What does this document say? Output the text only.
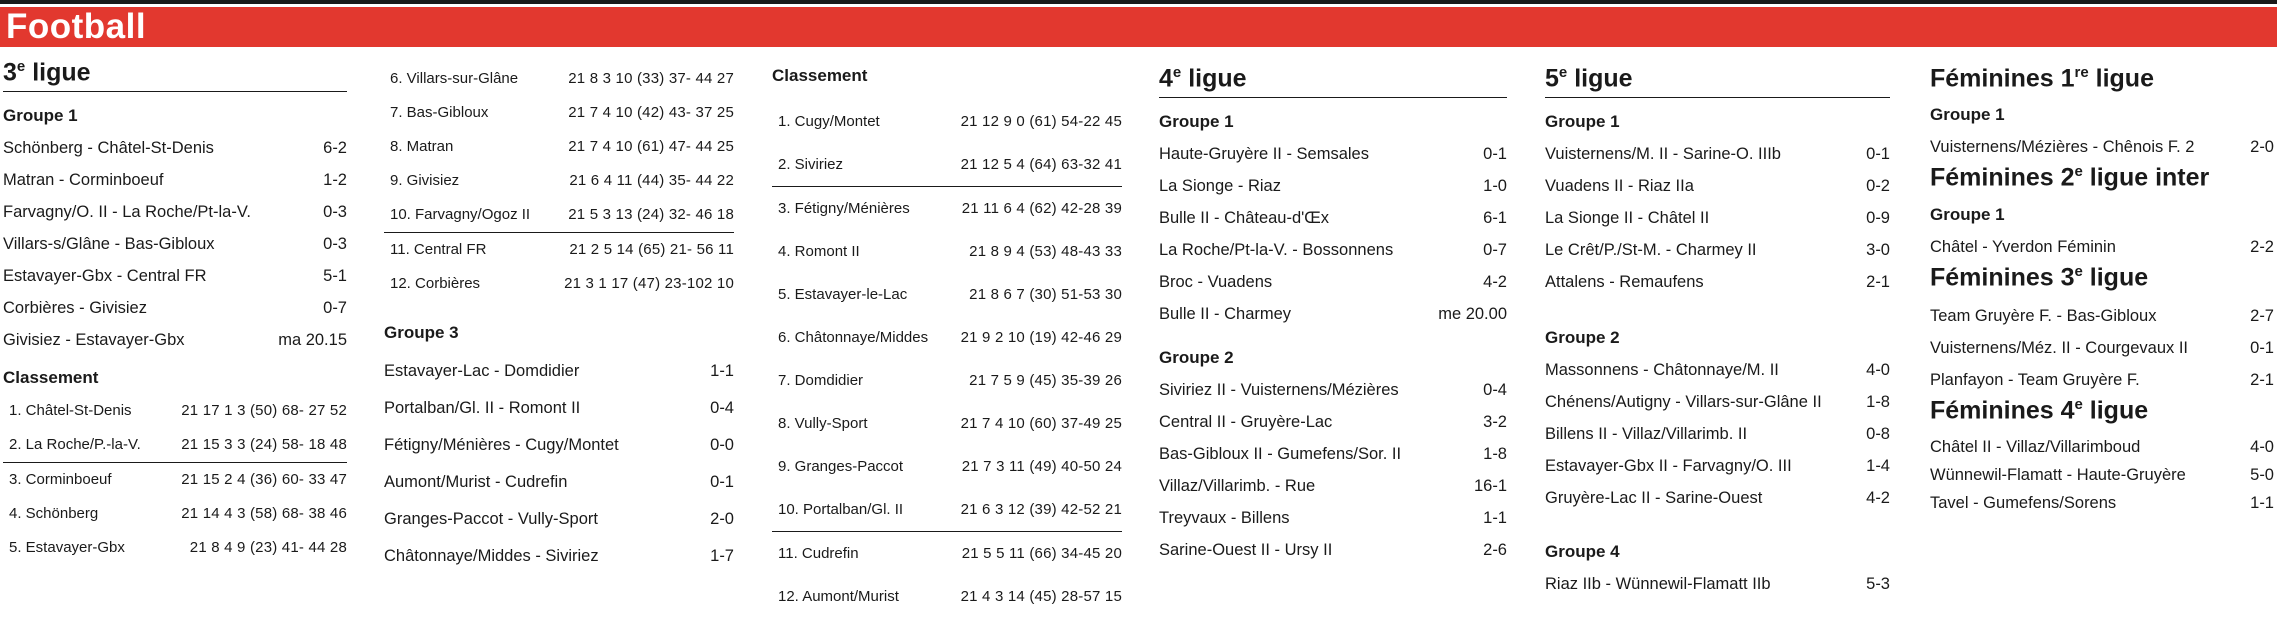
Football
3e ligue
Groupe 1
Schönberg - Châtel-St-Denis	6-2
Matran - Corminboeuf	1-2
Farvagny/O. II - La Roche/Pt-la-V.	0-3
Villars-s/Glâne - Bas-Gibloux	0-3
Estavayer-Gbx - Central FR	5-1
Corbières - Givisiez	0-7
Givisiez - Estavayer-Gbx	ma 20.15
Classement
1. Châtel-St-Denis	21 17 1 3 (50) 68- 27 52
2. La Roche/P.-la-V.	21 15 3 3 (24) 58- 18 48
3. Corminboeuf	21 15 2 4 (36) 60- 33 47
4. Schönberg	21 14 4 3 (58) 68- 38 46
5. Estavayer-Gbx	21 8 4 9 (23) 41- 44 28
6. Villars-sur-Glâne	21 8 3 10 (33) 37- 44 27
7. Bas-Gibloux	21 7 4 10 (42) 43- 37 25
8. Matran	21 7 4 10 (61) 47- 44 25
9. Givisiez	21 6 4 11 (44) 35- 44 22
10. Farvagny/Ogoz II	21 5 3 13 (24) 32- 46 18
11. Central FR	21 2 5 14 (65) 21- 56 11
12. Corbières	21 3 1 17 (47) 23-102 10
Groupe 3
Estavayer-Lac - Domdidier	1-1
Portalban/Gl. II - Romont II	0-4
Fétigny/Ménières - Cugy/Montet	0-0
Aumont/Murist - Cudrefin	0-1
Granges-Paccot - Vully-Sport	2-0
Châtonnaye/Middes - Siviriez	1-7
Classement
1. Cugy/Montet	21 12 9 0 (61) 54-22 45
2. Siviriez	21 12 5 4 (64) 63-32 41
3. Fétigny/Ménières	21 11 6 4 (62) 42-28 39
4. Romont II	21 8 9 4 (53) 48-43 33
5. Estavayer-le-Lac	21 8 6 7 (30) 51-53 30
6. Châtonnaye/Middes	21 9 2 10 (19) 42-46 29
7. Domdidier	21 7 5 9 (45) 35-39 26
8. Vully-Sport	21 7 4 10 (60) 37-49 25
9. Granges-Paccot	21 7 3 11 (49) 40-50 24
10. Portalban/Gl. II	21 6 3 12 (39) 42-52 21
11. Cudrefin	21 5 5 11 (66) 34-45 20
12. Aumont/Murist	21 4 3 14 (45) 28-57 15
4e ligue
Groupe 1
Haute-Gruyère II - Semsales	0-1
La Sionge - Riaz	1-0
Bulle II - Château-d'Œx	6-1
La Roche/Pt-la-V. - Bossonnens	0-7
Broc - Vuadens	4-2
Bulle II - Charmey	me 20.00
Groupe 2
Siviriez II - Vuisternens/Mézières	0-4
Central II - Gruyère-Lac	3-2
Bas-Gibloux II - Gumefens/Sor. II	1-8
Villaz/Villarimb. - Rue	16-1
Treyvaux - Billens	1-1
Sarine-Ouest II - Ursy II	2-6
5e ligue
Groupe 1
Vuisternens/M. II - Sarine-O. IIIb	0-1
Vuadens II - Riaz IIa	0-2
La Sionge II - Châtel II	0-9
Le Crêt/P./St-M. - Charmey II	3-0
Attalens - Remaufens	2-1
Groupe 2
Massonnens - Châtonnaye/M. II	4-0
Chénens/Autigny - Villars-sur-Glâne II	1-8
Billens II - Villaz/Villarimb. II	0-8
Estavayer-Gbx II - Farvagny/O. III	1-4
Gruyère-Lac II - Sarine-Ouest	4-2
Groupe 4
Riaz IIb - Wünnewil-Flamatt IIb	5-3
Féminines 1re ligue
Groupe 1
Vuisternens/Mézières - Chênois F. 2	2-0
Féminines 2e ligue inter
Groupe 1
Châtel - Yverdon Féminin	2-2
Féminines 3e ligue
Team Gruyère F. - Bas-Gibloux	2-7
Vuisternens/Méz. II - Courgevaux II	0-1
Planfayon - Team Gruyère F.	2-1
Féminines 4e ligue
Châtel II - Villaz/Villarimboud	4-0
Wünnewil-Flamatt - Haute-Gruyère	5-0
Tavel - Gumefens/Sorens	1-1
